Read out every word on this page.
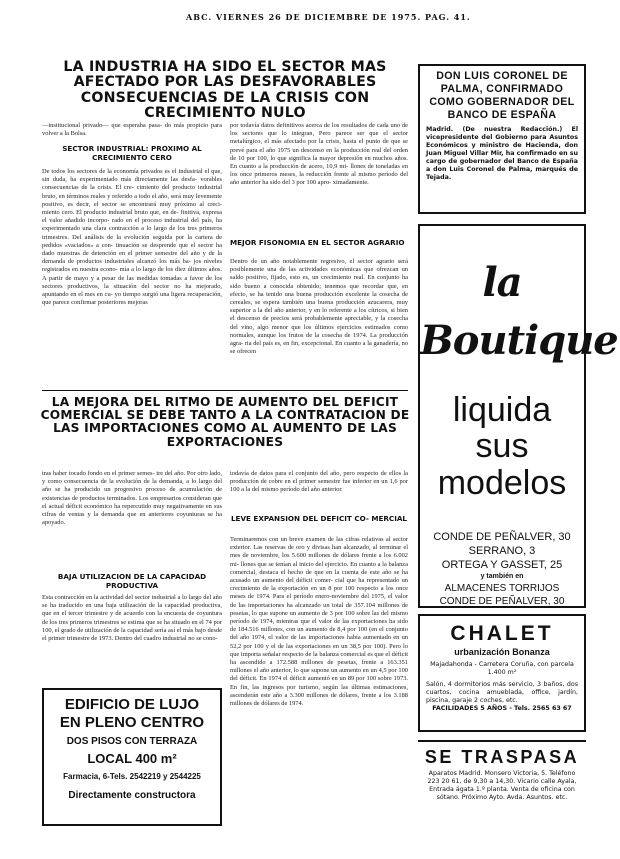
ABC. VIERNES 26 DE DICIEMBRE DE 1975. PAG. 41.
LA INDUSTRIA HA SIDO EL SECTOR MAS AFECTADO POR LAS DESFAVORABLES CONSECUENCIAS DE LA CRISIS CON CRECIMIENTO NULO
—institucional privado— que esperaba pasa- do más propicio para volver a la Bolsa.
SECTOR INDUSTRIAL: PROXIMO AL CRECIMIENTO CERO
De todos los sectores de la economía privados es el industrial el que, sin duda, ha experimentado más directamente las desfa- vorables consecuencias de la crisis. El cre- cimiento del producto industrial bruto, en términos reales y referido a todo el año, será muy levemente positivo, es decir, el sector se encontrará muy próximo al creci- miento cero. El producto industrial bruto que, en de- finitiva, expresa el valor añadido incorpo- rado en el proceso industrial del país, ha experimentado una clara contracción a lo largo de los tres primeros trimestres. Del análisis de la evolución seguida por la cartera de pedidos «vaciados» a con- tinuación se desprende que el sector ha dado muestras de detención en el primer semestre del año y de la demanda de productos industriales alcanzó los más ba- jos niveles registrados en nuestra econo- mía a lo largo de los diez últimos años. A partir de mayo y a pesar de las medidas tomadas a favor de los sectores productivos, la situación del sector no ha mejorado, apuntando en el mes en cu- yo tiempo surgió una ligera recuperación, que parece confirmar posteriores mejoras
por todavía datos definitivos acerca de los resultados de cada uno de los sectores que lo integran, Pero parece ser que el sector metalúrgico, el más afectado por la crisis, hasta el punto de que se prevé para el año 1975 un descenso en la producción real del orden de 10 por 100, lo que significa la mayor depresión en muchos años. En cuanto a la producción de acero, 10,9 mi- llones de toneladas en los once primeros meses, la reducción frente al mismo período del año anterior ha sido del 3 por 100 apro- ximadamente.
MEJOR FISONOMIA EN EL SECTOR AGRARIO
Dentro de un año notablemente regresivo, el sector agrario será posiblemente una de las actividades económicas que ofrezcan un saldo positivo, fijado, esto es, un crecimiento real. En conjunto ha sido bueno a conocida obtenido; tenemos que recordar que, en efecto, se ha tenido una buena producción excelente la cosecha de cereales, se espera también una buena producción azucarera, muy superior a la del año anterior, y en lo referente a los cítricos, si bien el descenso de precios será probablemente apreciable, y la cosecha del vino, algo menor que los últimos ejercicios estimados como normales, aunque los frutos de la cosecha de 1974. La producción agra- ria del país es, en fin, excepcional. En cuanto a la ganadería, no se ofrecen
LA MEJORA DEL RITMO DE AUMENTO DEL DEFICIT COMERCIAL SE DEBE TANTO A LA CONTRATACION DE LAS IMPORTACIONES COMO AL AUMENTO DE LAS EXPORTACIONES
tras haber tocado fondo en el primer semes- tre del año. Por otro lado, y como consecuencia de la evolución de la demanda, a lo largo del año se ha producido un progresivo proceso de acumulación de existencias de productos terminados. Los empresarios consideran que el actual déficit económico ha repercutido muy negativamente en sus cifras de ventas y la demanda que en anteriores coyunturas se ha apoyado.
BAJA UTILIZACION DE LA CAPACIDAD PRODUCTIVA
Esta contracción en la actividad del sector industrial a lo largo del año se ha traducido en una baja utilización de la capacidad productiva, que en el tercer trimestre y de acuerdo con la encuesta de coyuntura de los tres primeros trimestres se estima que se ha situado en el 74 por 100, el grado de utilización de la capacidad sería así el más bajo desde el primer trimestre de 1973. Dentro del cuadro industrial no se cono-
todavía de datos para el conjunto del año, pero respecto de ellos la producción de cobre en el primer semestre fue inferior en un 1,6 por 100 a la del mismo período del año anterior.
LEVE EXPANSION DEL DEFICIT CO- MERCIAL
Terminaremos con un breve examen de las cifras relativas al sector exterior. Las reservas de oro y divisas han alcanzado, al terminar el mes de noviembre, los 5.600 millones de dólares frente a los 6.002 mi- llones que se tenían al inicio del ejercicio. En cuanto a la balanza comercial, destaca el hecho de que en la cuenta de este año se ha acusado un aumento del déficit comer- cial que ha representado un crecimiento de la exportación en un 8 por 100 respecto a los once meses de 1974. Para el período enero-noviembre del 1975, el valor de las importaciones ha alcanzado un total de 357.104 millones de pesetas, lo que supone un aumento de 3 por 100 sobre las del mismo período de 1974, mientras que el valor de las exportaciones ha sido de 184.516 millones, con un aumento de 8,4 por 100 (en el conjunto del año 1974, el valor de las importaciones había aumentado en un 52,2 por 100 y el de las exportaciones en un 38,5 por 100). Pero lo que importa señalar respecto de la balanza comercial es que el déficit ha ascendido a 172.588 millones de pesetas, frente a 163.351 millones el año anterior, lo que supone un aumento en un 4,5 por 100 del déficit. En 1974 el déficit aumentó en un 89 por 100 sobre 1973. En fin, las ingresos por turismo, según las últimas estimaciones, ascenderán este año a 3.300 millones de dólares, frente a los 3.188 millones de dólares de 1974.
EDIFICIO DE LUJO
EN PLENO CENTRO
DOS PISOS CON TERRAZA
LOCAL 400 m²
Farmacia, 6-Tels. 2542219 y 2544225
Directamente constructora
DON LUIS CORONEL DE PALMA, CONFIRMADO COMO GOBERNADOR DEL BANCO DE ESPAÑA
Madrid. (De nuestra Redacción.) El vicepresidente del Gobierno para Asuntos Económicos y ministro de Hacienda, don Juan Miguel Villar Mir, ha confirmado en su cargo de gobernador del Banco de España a don Luis Coronel de Palma, marqués de Tejada.
la Boutique
liquida
sus
modelos
CONDE DE PEÑALVER, 30
SERRANO, 3
ORTEGA Y GASSET, 25
y también en
ALMACENES TORRIJOS
CONDE DE PEÑALVER, 30
CHALET
urbanización Bonanza
Majadahonda - Carretera Coruña, con parcela 1.400 m²
Salón, 4 dormitorios más servicio, 3 baños, dos cuartos, cocina amueblada, office, jardín, piscina, garaje 2 coches, etc.
FACILIDADES 5 AÑOS - Tels. 2565 63 67
SE TRASPASA
Aparatos Madrid. Monsero Victoria, 5. Teléfono 223 20 61, de 9,30 a 14,30. Vicario calle Ayala, Entrada ágata 1.º planta. Venta de oficina con sótano. Próximo Ayto. Avda. Asuntos. etc.
